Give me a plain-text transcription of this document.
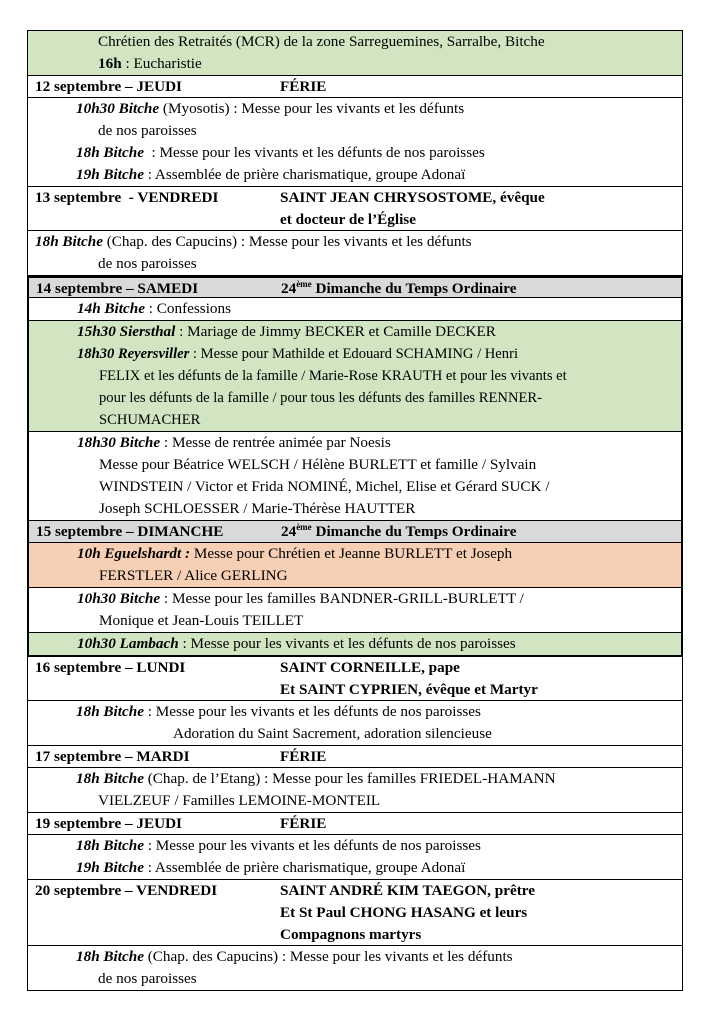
Chrétien des Retraités (MCR) de la zone Sarreguemines, Sarralbe, Bitche
16h : Eucharistie
12 septembre – JEUDI	FÉRIE
10h30 Bitche (Myosotis) : Messe pour les vivants et les défunts
de nos paroisses
18h Bitche  : Messe pour les vivants et les défunts de nos paroisses
19h Bitche : Assemblée de prière charismatique, groupe Adonaï
13 septembre  - VENDREDI	SAINT JEAN CHRYSOSTOME, évêque
et docteur de l’Église
18h Bitche (Chap. des Capucins) : Messe pour les vivants et les défunts
de nos paroisses
14 septembre – SAMEDI	24ème Dimanche du Temps Ordinaire
14h Bitche : Confessions
15h30 Siersthal : Mariage de Jimmy BECKER et Camille DECKER
18h30 Reyersviller : Messe pour Mathilde et Edouard SCHAMING / Henri
FELIX et les défunts de la famille / Marie-Rose KRAUTH et pour les vivants et
pour les défunts de la famille / pour tous les défunts des familles RENNER-
SCHUMACHER
18h30 Bitche : Messe de rentrée animée par Noesis
Messe pour Béatrice WELSCH / Hélène BURLETT et famille / Sylvain
WINDSTEIN / Victor et Frida NOMINÉ, Michel, Elise et Gérard SUCK /
Joseph SCHLOESSER / Marie-Thérèse HAUTTER
15 septembre – DIMANCHE	24ème Dimanche du Temps Ordinaire
10h Eguelshardt : Messe pour Chrétien et Jeanne BURLETT et Joseph
FERSTLER / Alice GERLING
10h30 Bitche : Messe pour les familles BANDNER-GRILL-BURLETT /
Monique et Jean-Louis TEILLET
10h30 Lambach : Messe pour les vivants et les défunts de nos paroisses
16 septembre – LUNDI	SAINT CORNEILLE, pape
Et SAINT CYPRIEN, évêque et Martyr
18h Bitche : Messe pour les vivants et les défunts de nos paroisses
Adoration du Saint Sacrement, adoration silencieuse
17 septembre – MARDI	FÉRIE
18h Bitche (Chap. de l’Etang) : Messe pour les familles FRIEDEL-HAMANN
VIELZEUF / Familles LEMOINE-MONTEIL
19 septembre – JEUDI	FÉRIE
18h Bitche : Messe pour les vivants et les défunts de nos paroisses
19h Bitche : Assemblée de prière charismatique, groupe Adonaï
20 septembre – VENDREDI	SAINT ANDRÉ KIM TAEGON, prêtre
Et St Paul CHONG HASANG et leurs
Compagnons martyrs
18h Bitche (Chap. des Capucins) : Messe pour les vivants et les défunts
de nos paroisses
